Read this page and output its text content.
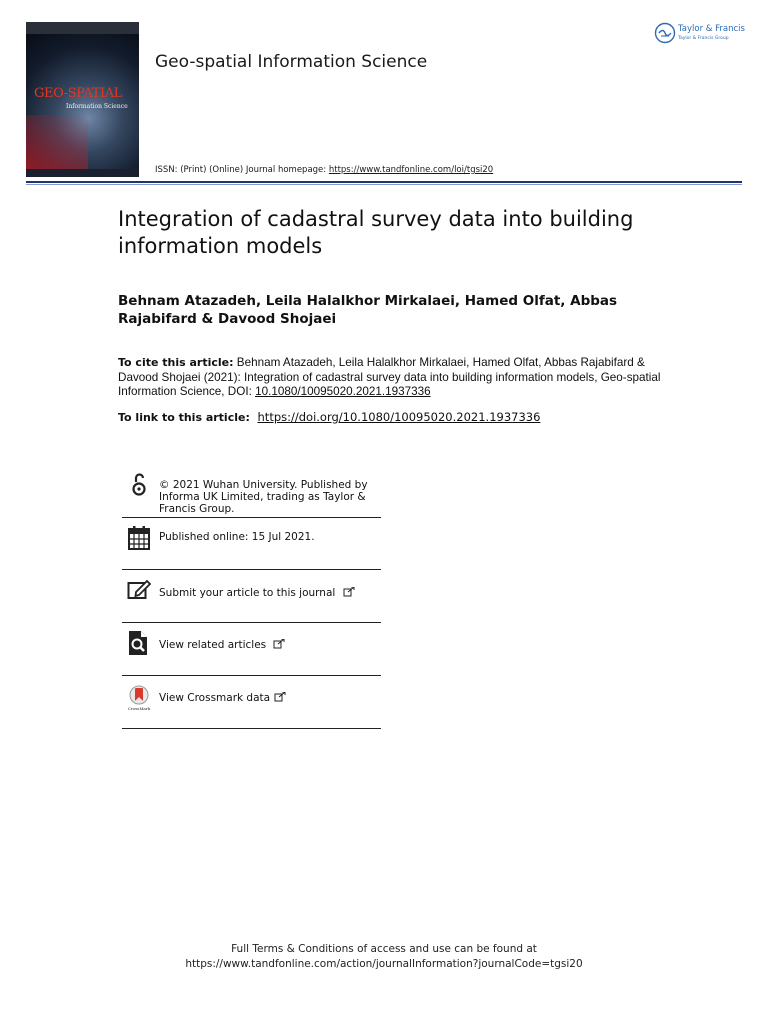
GEO-SPATIAL
Information Science
Geo-spatial Information Science
Taylor & Francis
Taylor & Francis Group
ISSN: (Print) (Online) Journal homepage: https://www.tandfonline.com/loi/tgsi20
Integration of cadastral survey data into building information models
Behnam Atazadeh, Leila Halalkhor Mirkalaei, Hamed Olfat, Abbas Rajabifard & Davood Shojaei
To cite this article: Behnam Atazadeh, Leila Halalkhor Mirkalaei, Hamed Olfat, Abbas Rajabifard & Davood Shojaei (2021): Integration of cadastral survey data into building information models, Geo-spatial Information Science, DOI: 10.1080/10095020.2021.1937336
To link to this article: https://doi.org/10.1080/10095020.2021.1937336
© 2021 Wuhan University. Published by Informa UK Limited, trading as Taylor & Francis Group.
Published online: 15 Jul 2021.
Submit your article to this journal
View related articles
CrossMark
View Crossmark data
Full Terms & Conditions of access and use can be found at
https://www.tandfonline.com/action/journalInformation?journalCode=tgsi20
